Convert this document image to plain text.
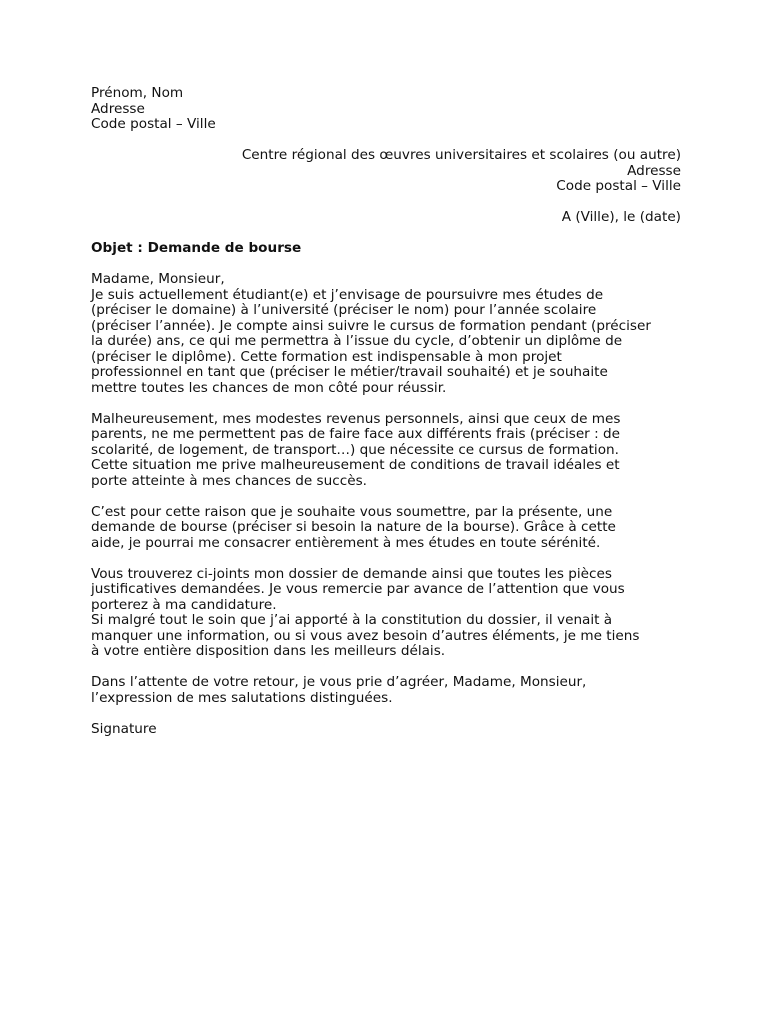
Prénom, Nom
Adresse
Code postal – Ville
Centre régional des œuvres universitaires et scolaires (ou autre)
Adresse
Code postal – Ville
A (Ville), le (date)
Objet : Demande de bourse
Madame, Monsieur,
Je suis actuellement étudiant(e) et j’envisage de poursuivre mes études de
(préciser le domaine) à l’université (préciser le nom) pour l’année scolaire
(préciser l’année). Je compte ainsi suivre le cursus de formation pendant (préciser
la durée) ans, ce qui me permettra à l’issue du cycle, d’obtenir un diplôme de
(préciser le diplôme). Cette formation est indispensable à mon projet
professionnel en tant que (préciser le métier/travail souhaité) et je souhaite
mettre toutes les chances de mon côté pour réussir.
Malheureusement, mes modestes revenus personnels, ainsi que ceux de mes
parents, ne me permettent pas de faire face aux différents frais (préciser : de
scolarité, de logement, de transport…) que nécessite ce cursus de formation.
Cette situation me prive malheureusement de conditions de travail idéales et
porte atteinte à mes chances de succès.
C’est pour cette raison que je souhaite vous soumettre, par la présente, une
demande de bourse (préciser si besoin la nature de la bourse). Grâce à cette
aide, je pourrai me consacrer entièrement à mes études en toute sérénité.
Vous trouverez ci-joints mon dossier de demande ainsi que toutes les pièces
justificatives demandées. Je vous remercie par avance de l’attention que vous
porterez à ma candidature.
Si malgré tout le soin que j’ai apporté à la constitution du dossier, il venait à
manquer une information, ou si vous avez besoin d’autres éléments, je me tiens
à votre entière disposition dans les meilleurs délais.
Dans l’attente de votre retour, je vous prie d’agréer, Madame, Monsieur,
l’expression de mes salutations distinguées.
Signature
